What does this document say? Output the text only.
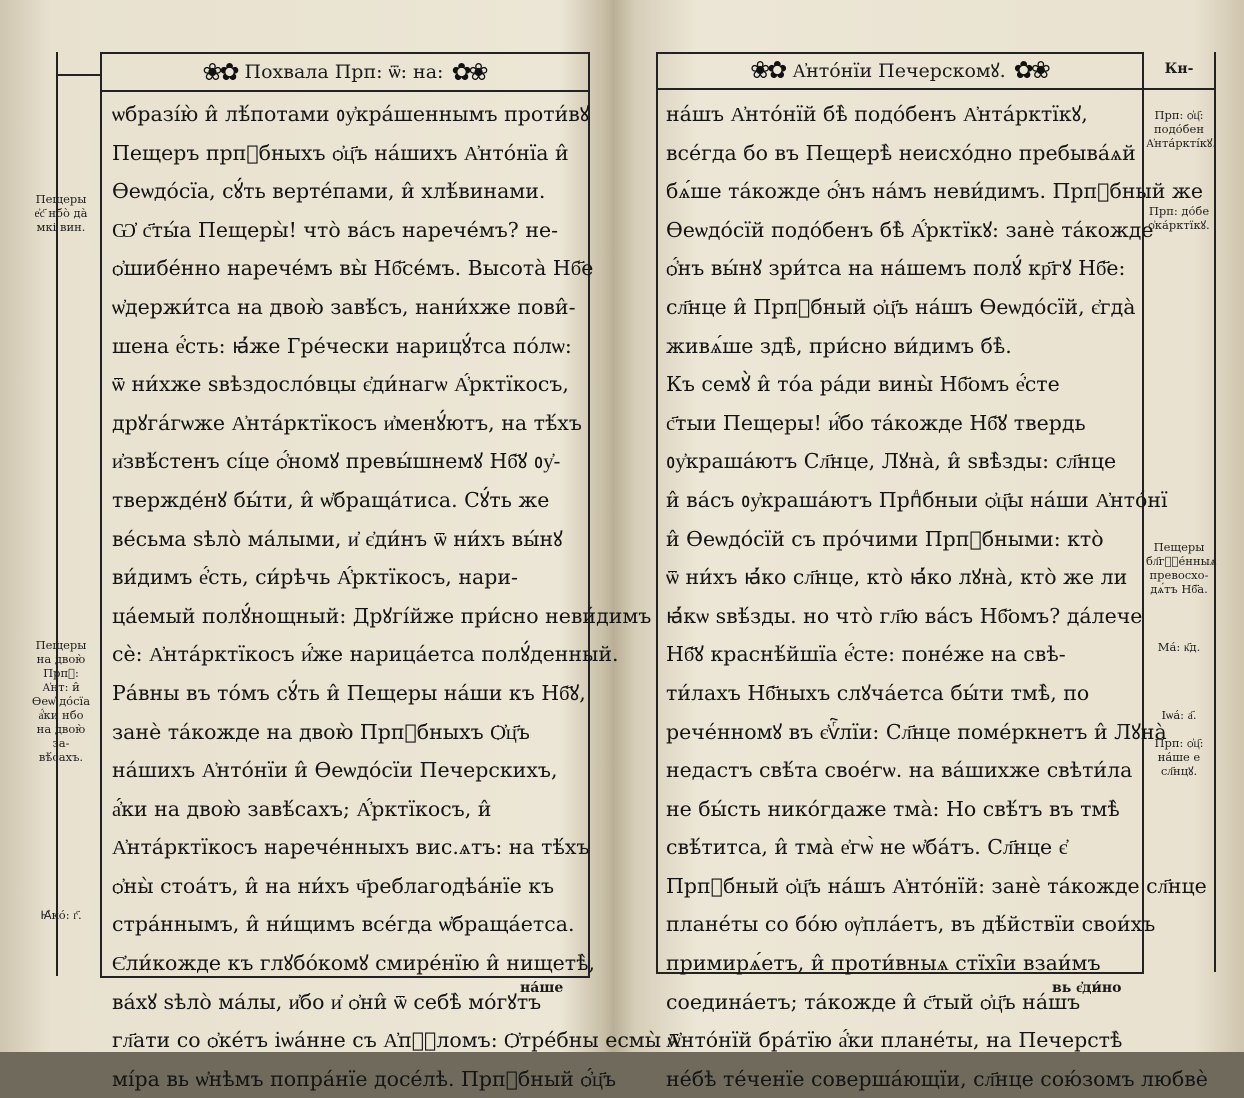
❀✿ Похвала Прп: ѿ: на: ✿❀
ѡбразі́ю̀ и̂ лѣ́потами ᲂу҆кра́шеннымъ проти́вꙋ
Пещеръ прпⷣбныхъ ѻ҆ц҃ъ на́шихъ А҆нто́нїа и̂
Ѳеѡдо́сїа, сꙋ́ть верте́пами, и̂ хлѣ́винами.
Ѡ҆ с҃ты́а Пещеры̀! что̀ ва́съ нарече́мъ? не-
ѻ҆шибе́нно нарече́мъ вы̀ Нб҃се́мъ. Высота̀ Нб҃е
ѡ҆держи́тса на двою̀ завѣ́съ, нани́хже пови̂-
шена е҆́сть: ꙗ҆́же Гре́чески нарицꙋ́тса по́лѡ:
ѿ ни́хже ѕвѣздосло́вцы є҆ди́нагѡ А҆́рктїкосъ,
дрꙋга́гѡже А҆нта́рктїкосъ и҆менꙋ́ютъ, на тѣ́хъ
и҆звѣ́стенъ сі́це ѻ҆́номꙋ превы́шнемꙋ Нб҃ꙋ ᲂу҆-
твержде́нꙋ бы́ти, и̂ ѡ҆браща́тиса. Сꙋ́ть же
ве́сьма ѕѣло̀ ма́лыми, и҆ є҆ди́нъ ѿ ни́хъ вы́нꙋ
ви́димъ е҆́сть, си́рѣчь А҆́рктїкосъ, нари-
ца́емый полꙋ́нощный: Дрꙋгі́йже при́сно неви́димъ
сѐ: А҆нта́рктїкосъ и҆́же нарица́етса полꙋ́денный.
Ра́вны въ то́мъ сꙋ́ть и̂ Пещеры на́ши къ Нб҃ꙋ,
занѐ та́кожде на двою̀ Прпⷣбныхъ Ѻ҆ц҃ъ
на́шихъ А҆нто́нїи и̂ Ѳеѡдо́сїи Печерскихъ,
а҆́ки на двою̀ завѣ́сахъ; А҆́рктїкосъ, и̂
А҆нта́рктїкосъ нарече́нныхъ вис.ѧтъ: на тѣ́хъ
ѻ҆ны̀ стоа́тъ, и̂ на ни́хъ ч҃реблагодѣа́нїе къ
стра́ннымъ, и̂ ни́щимъ все́гда ѡ҆браща́етса.
Є҆ли́кожде къ глꙋбо́комꙋ смире́нїю и̂ нищетѣ̀,
ва́хꙋ ѕѣло̀ ма́лы, и҆бо и҆ ѻ҆ни̂ ѿ себѣ̀ мо́гꙋтъ
гл҃ати со ѻ҆ке́тъ іѡа́нне съ А҆пⷭ҇ломъ: Ѻ҆тре́бны есмы̀ ѿ
мі́ра вь ѡ҆нѣмъ попра́нїе досе́лѣ. Прпⷣбный ѻ҆́ц҃ъ
Пещеры е҆с҃ нбо̀ да̀ мкі вин.
Пещеры на двою̀ Прпⷣ: А҆нт: и̂ Ѳеѡ҆ до́сїа а҆́ки нбо на двою̀ за- вѣ́сахъ.
Ꙗ҆ко́: г҃.
на́ше
❀✿ А҆нто́нїи Печерскомꙋ. ✿❀	Кн-
на́шъ А҆нто́нїй бѣ̀ подо́бенъ А҆нта́рктїкꙋ,
все́гда бо въ Пещерѣ̀ неисхо́дно пребыва́ѧй
бѧ́ше та́кожде ѻ҆́нъ на́мъ неви́димъ. Прпⷣбный же
Ѳеѡдо́сїй подо́бенъ бѣ̀ А҆́рктїкꙋ: занѐ та́кожде
ѻ҆́нъ вы́нꙋ зри́тса на на́шемъ полꙋ́ кр҃гꙋ Нб҃е:
сл҃нце и̂ Прпⷣбный ѻ҆ц҃ъ на́шъ Ѳеѡдо́сїй, є҆гда̀
живѧ́ше здѣ̀, при́сно ви́димъ бѣ̀.
Къ семꙋ̀ и̂ то́а ра́ди вины̀ Нб҃омъ е҆́сте
с҃тыи Пещеры! и҆́бо та́кожде Нб҃ꙋ твердь
ᲂу҆краша́ютъ Сл҃нце, Лꙋна̀, и̂ ѕвѣ̀зды: сл҃нце
и̂ ва́съ ᲂу҆краша́ютъ Прпⷣбныи ѻ҆ц҃ы на́ши А҆нто́нї
и̂ Ѳеѡдо́сїй съ про́чими Прпⷣбными: кто̀
ѿ ни́хъ ꙗ҆́ко сл҃нце, кто̀ ꙗ҆́ко лꙋна̀, кто̀ же ли
ꙗ҆́кѡ ѕвѣ́зды. но что̀ гл҃ю ва́съ Нб҃омъ? да́лече
Нб҃ꙋ краснѣ́йшїа е҆́сте: поне́же на свѣ-
ти́лахъ Нб҃ныхъ слꙋча́етса бы́ти тмѣ̀, по
рече́нномꙋ въ є҆ѵⷢ҇лїи: Сл҃нце поме́ркнетъ и̂ Лꙋна̀
недастъ свѣ́та свое́гѡ. на ва́шихже свѣти́ла
не бы́сть нико́гдаже тма̀: Но свѣ́тъ въ тмѣ̀
свѣ́титса, и̂ тма̀ е҆гѡ̀ не ѡ҆ба́тъ. Сл҃нце є҆
Прпⷣбный ѻ҆ц҃ъ на́шъ А҆нто́нїй: занѐ та́кожде сл҃нце
плане́ты со бо́ю ѹ҆пла́етъ, въ дѣ́йствїи свои́хъ
примирѧ́етъ, и̂ проти́вныѧ стїхі̑и взаи́мъ
соедина́етъ; та́кожде и̂ с҃тый ѻ҆ц҃ъ на́шъ
А҆нто́нїй бра́тїю а҆́ки плане́ты, на Печерстѣ̀
не́бѣ те́ченїе соверша́ющїи, сл҃нце сою́зомъ любвѐ
Прп: ѻ҆ц҃: подо́бен А҆нта́ркті́кꙋ.
Прп: до́бе ѻ҆ка́рктїкꙋ.
Пещеры бл҃гⷭ҇е́нныѧ превосхо- дѧ́тъ Нб҃а.
Ма́: к҃д.
Іѡа́: а҃.
Прп: ѻ҆ц҃: на́ше е сл҃нцꙋ.
вь є҆ди́но
